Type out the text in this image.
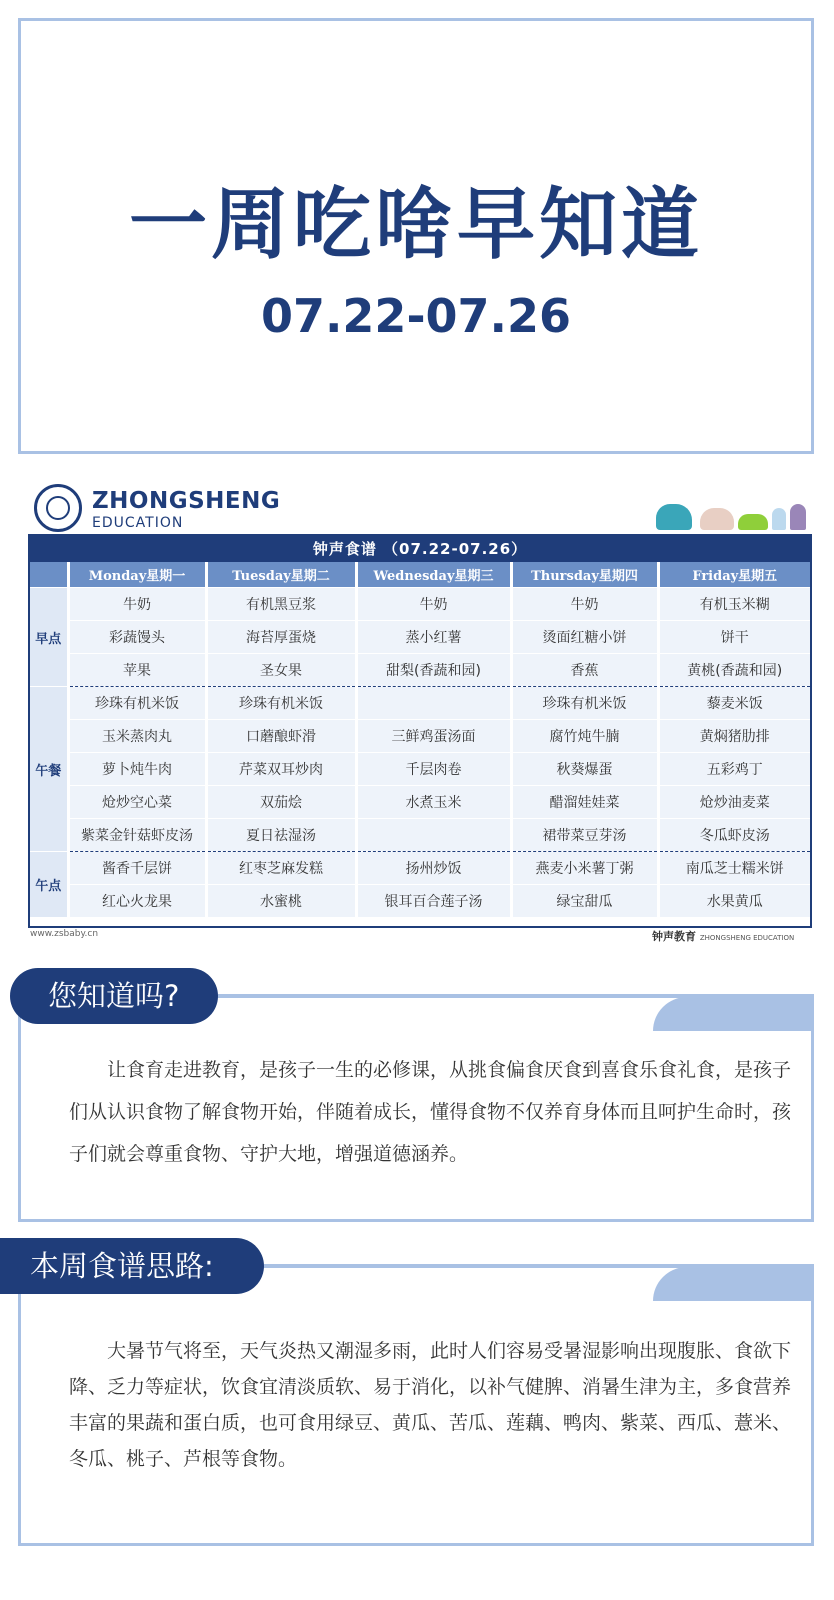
一周吃啥早知道
07.22-07.26
ZHONGSHENG
EDUCATION
钟声食谱 （07.22-07.26）
	Monday星期一	Tuesday星期二	Wednesday星期三	Thursday星期四	Friday星期五
早点	牛奶	有机黑豆浆	牛奶	牛奶	有机玉米糊
	彩蔬馒头	海苔厚蛋烧	蒸小红薯	烫面红糖小饼	饼干
	苹果	圣女果	甜梨(香蔬和园)	香蕉	黄桃(香蔬和园)
午餐	珍珠有机米饭	珍珠有机米饭		珍珠有机米饭	藜麦米饭
	玉米蒸肉丸	口蘑酿虾滑	三鲜鸡蛋汤面	腐竹炖牛腩	黄焖猪肋排
	萝卜炖牛肉	芹菜双耳炒肉	千层肉卷	秋葵爆蛋	五彩鸡丁
	炝炒空心菜	双茄烩	水煮玉米	醋溜娃娃菜	炝炒油麦菜
	紫菜金针菇虾皮汤	夏日祛湿汤		裙带菜豆芽汤	冬瓜虾皮汤
午点	酱香千层饼	红枣芝麻发糕	扬州炒饭	燕麦小米薯丁粥	南瓜芝士糯米饼
	红心火龙果	水蜜桃	银耳百合莲子汤	绿宝甜瓜	水果黄瓜
www.zsbaby.cn	钟声教育 ZHONGSHENG EDUCATION
让食育走进教育，是孩子一生的必修课，从挑食偏食厌食到喜食乐食礼食，是孩子们从认识食物了解食物开始，伴随着成长，懂得食物不仅养育身体而且呵护生命时，孩子们就会尊重食物、守护大地，增强道德涵养。
您知道吗?
大暑节气将至，天气炎热又潮湿多雨，此时人们容易受暑湿影响出现腹胀、食欲下降、乏力等症状，饮食宜清淡质软、易于消化，以补气健脾、消暑生津为主，多食营养丰富的果蔬和蛋白质，也可食用绿豆、黄瓜、苦瓜、莲藕、鸭肉、紫菜、西瓜、薏米、冬瓜、桃子、芦根等食物。
本周食谱思路:
